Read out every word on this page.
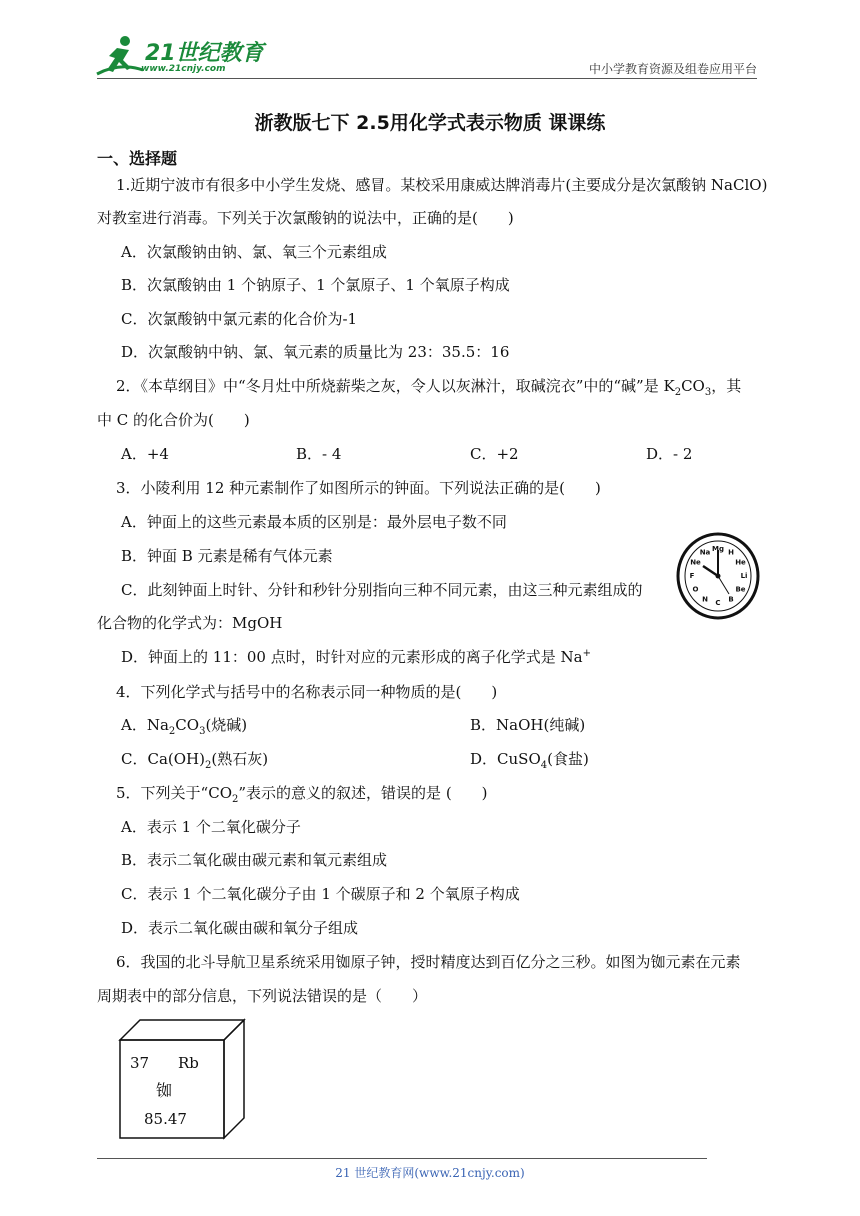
21世纪教育
www.21cnjy.com	中小学教育资源及组卷应用平台
浙教版七下 2.5用化学式表示物质 课课练
一、选择题
1.近期宁波市有很多中小学生发烧、感冒。某校采用康威达牌消毒片(主要成分是次氯酸钠 NaClO)
对教室进行消毒。下列关于次氯酸钠的说法中，正确的是(　　)
A．次氯酸钠由钠、氯、氧三个元素组成
B．次氯酸钠由 1 个钠原子、1 个氯原子、1 个氧原子构成
C．次氯酸钠中氯元素的化合价为-1
D．次氯酸钠中钠、氯、氧元素的质量比为 23：35.5：16
2．《本草纲目》中“冬月灶中所烧薪柴之灰，令人以灰淋汁，取碱浣衣”中的“碱”是 $K_2CO_3$，其
中 C 的化合价为(　　)
A．+4	B．- 4	C．+2	D．- 2
3．小陵利用 12 种元素制作了如图所示的钟面。下列说法正确的是(　　)
A．钟面上的这些元素最本质的区别是：最外层电子数不同
B．钟面 B 元素是稀有气体元素
C．此刻钟面上时针、分针和秒针分别指向三种不同元素，由这三种元素组成的
化合物的化学式为：MgOH
D．钟面上的 11：00 点时，时针对应的元素形成的离子化学式是 Na+
H
He
Li
Be
B
C
N
O
F
Ne
Na Mg
4．下列化学式与括号中的名称表示同一种物质的是(　　)
A．$Na_2CO_3$(烧碱)	B．NaOH(纯碱)
C．$Ca(OH)_2$(熟石灰)	D．CuSO$_4$(食盐)
5．下列关于“$CO_2$”表示的意义的叙述，错误的是 (　　)
A．表示 1 个二氧化碳分子
B．表示二氧化碳由碳元素和氧元素组成
C．表示 1 个二氧化碳分子由 1 个碳原子和 2 个氧原子构成
D．表示二氧化碳由碳和氧分子组成
6．我国的北斗导航卫星系统采用铷原子钟，授时精度达到百亿分之三秒。如图为铷元素在元素
周期表中的部分信息，下列说法错误的是（　　）
37 Rb
铷
85.47
21 世纪教育网(www.21cnjy.com)
